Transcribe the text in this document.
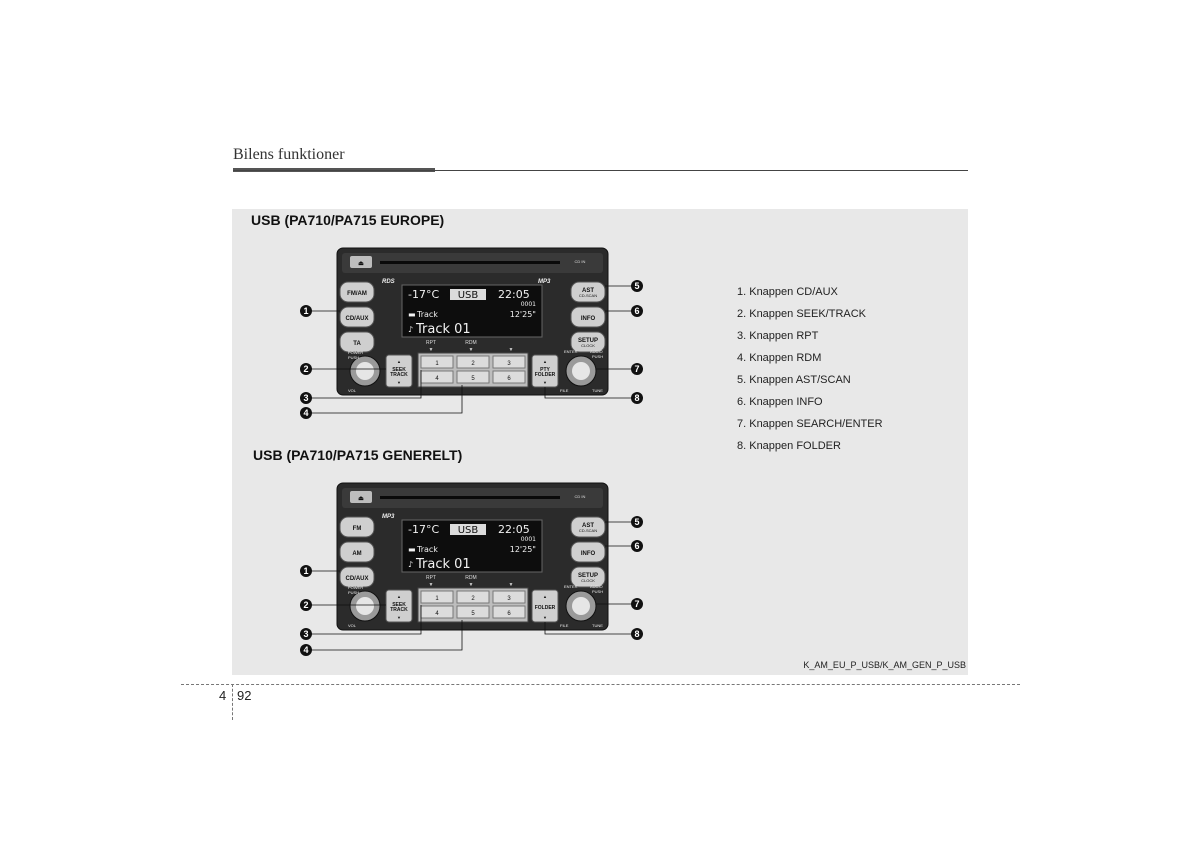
Bilens funktioner
USB (PA710/PA715 EUROPE)
USB (PA710/PA715 GENERELT)
⏏	CD IN
RDS	MP3
FM/AM
CD/AUX
TA
AST
CD-SCAN
INFO
SETUP
CLOCK
-17°C USB 22:05
0001
▬ Track	12'25"
♪ Track 01
RPT	RDM
▼	▼	▼
1	2	3
4	5	6
▲
SEEK
TRACK
▼
▲
PTY
FOLDER
▼
POWER
PUSH
VOL
ENTER	AUDIO
PUSH
FILE	TUNE
1
2
3
4
5
6
7
8
⏏	CD IN
MP3
FM
AM
CD/AUX
AST
CD-SCAN
INFO
SETUP
CLOCK
-17°C USB 22:05
0001
▬ Track	12'25"
♪ Track 01
RPT	RDM
▼	▼	▼
1	2	3
4	5	6
▲
SEEK
TRACK
▼
▲
FOLDER
▼
POWER
PUSH
VOL
ENTER	AUDIO
PUSH
FILE	TUNE
1
2
3
4
5
6
7
8
1. Knappen CD/AUX
2. Knappen SEEK/TRACK
3. Knappen RPT
4. Knappen RDM
5. Knappen AST/SCAN
6. Knappen INFO
7. Knappen SEARCH/ENTER
8. Knappen FOLDER
K_AM_EU_P_USB/K_AM_GEN_P_USB
4 92
